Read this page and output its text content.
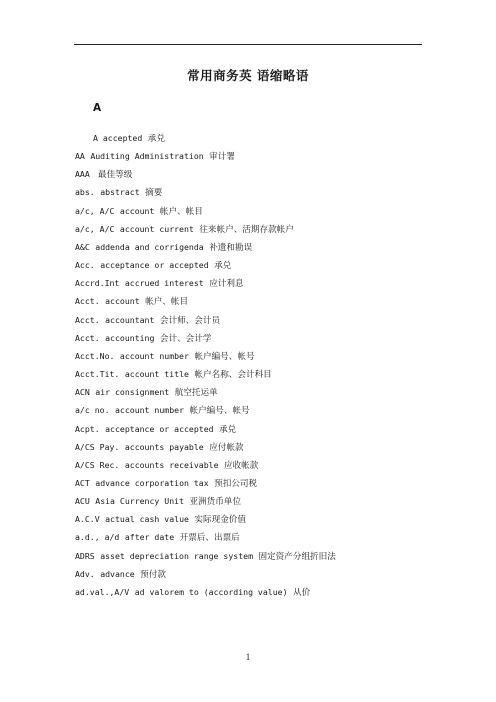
常用商务英 语缩略语
A
A accepted 承兑
AA Auditing Administration 审计署
AAA 最佳等级
abs. abstract 摘要
a/c, A/C account 帐户、帐目
a/c, A/C account current 往来帐户、活期存款帐户
A&C addenda and corrigenda 补遗和勘误
Acc. acceptance or accepted 承兑
Accrd.Int accrued interest 应计利息
Acct. account 帐户、帐目
Acct. accountant 会计师、会计员
Acct. accounting 会计、会计学
Acct.No. account number 帐户编号、帐号
Acct.Tit. account title 帐户名称、会计科目
ACN air consignment 航空托运单
a/c no. account number 帐户编号、帐号
Acpt. acceptance or accepted 承兑
A/CS Pay. accounts payable 应付帐款
A/CS Rec. accounts receivable 应收帐款
ACT advance corporation tax 预扣公司税
ACU Asia Currency Unit 亚洲货币单位
A.C.V actual cash value 实际现金价值
a.d., a/d after date 开票后、出票后
ADRS asset depreciation range system 固定资产分组折旧法
Adv. advance 预付款
ad.val.,A/V ad valorem to (according value) 从价
1
